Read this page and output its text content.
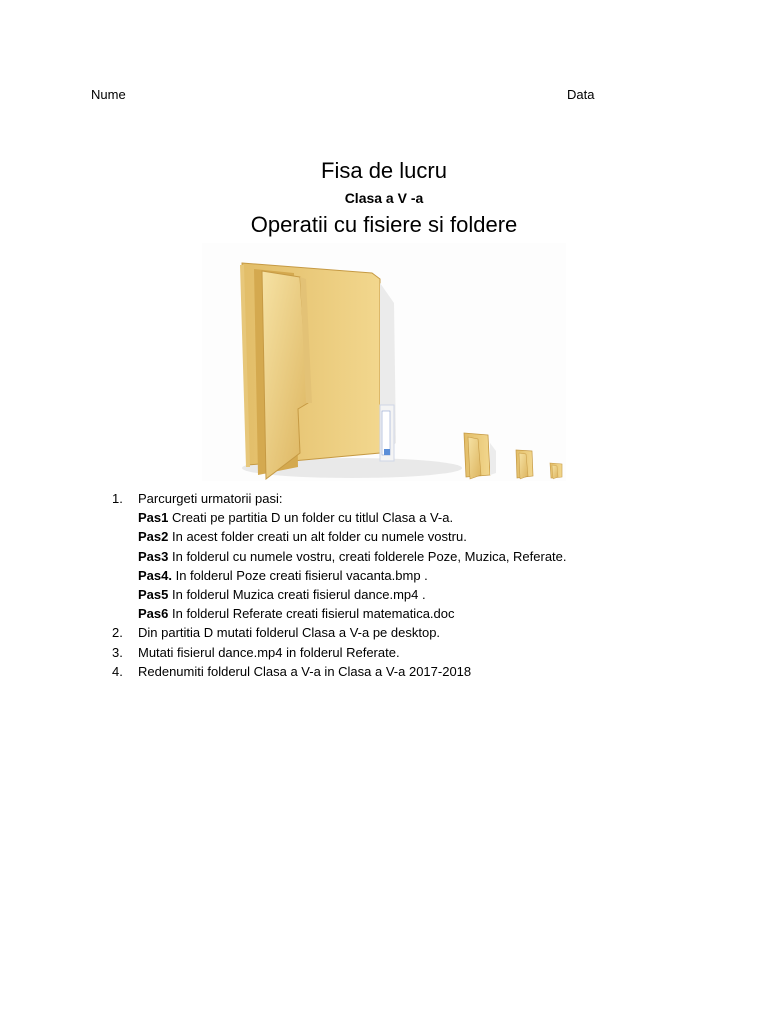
Nume	Data
Fisa de lucru
Clasa a V -a
Operatii cu fisiere si foldere
1.	Parcurgeti urmatorii pasi:
Pas1 Creati pe partitia D un folder cu titlul Clasa a V-a.
Pas2 In acest folder creati un alt folder cu numele vostru.
Pas3 In folderul cu numele vostru, creati folderele Poze, Muzica, Referate.
Pas4. In folderul Poze creati fisierul vacanta.bmp .
Pas5 In folderul Muzica creati fisierul dance.mp4 .
Pas6 In folderul Referate creati fisierul matematica.doc
2.	Din partitia D mutati folderul Clasa a V-a pe desktop.
3.	Mutati fisierul dance.mp4 in folderul Referate.
4.	Redenumiti folderul Clasa a V-a in Clasa a V-a 2017-2018
